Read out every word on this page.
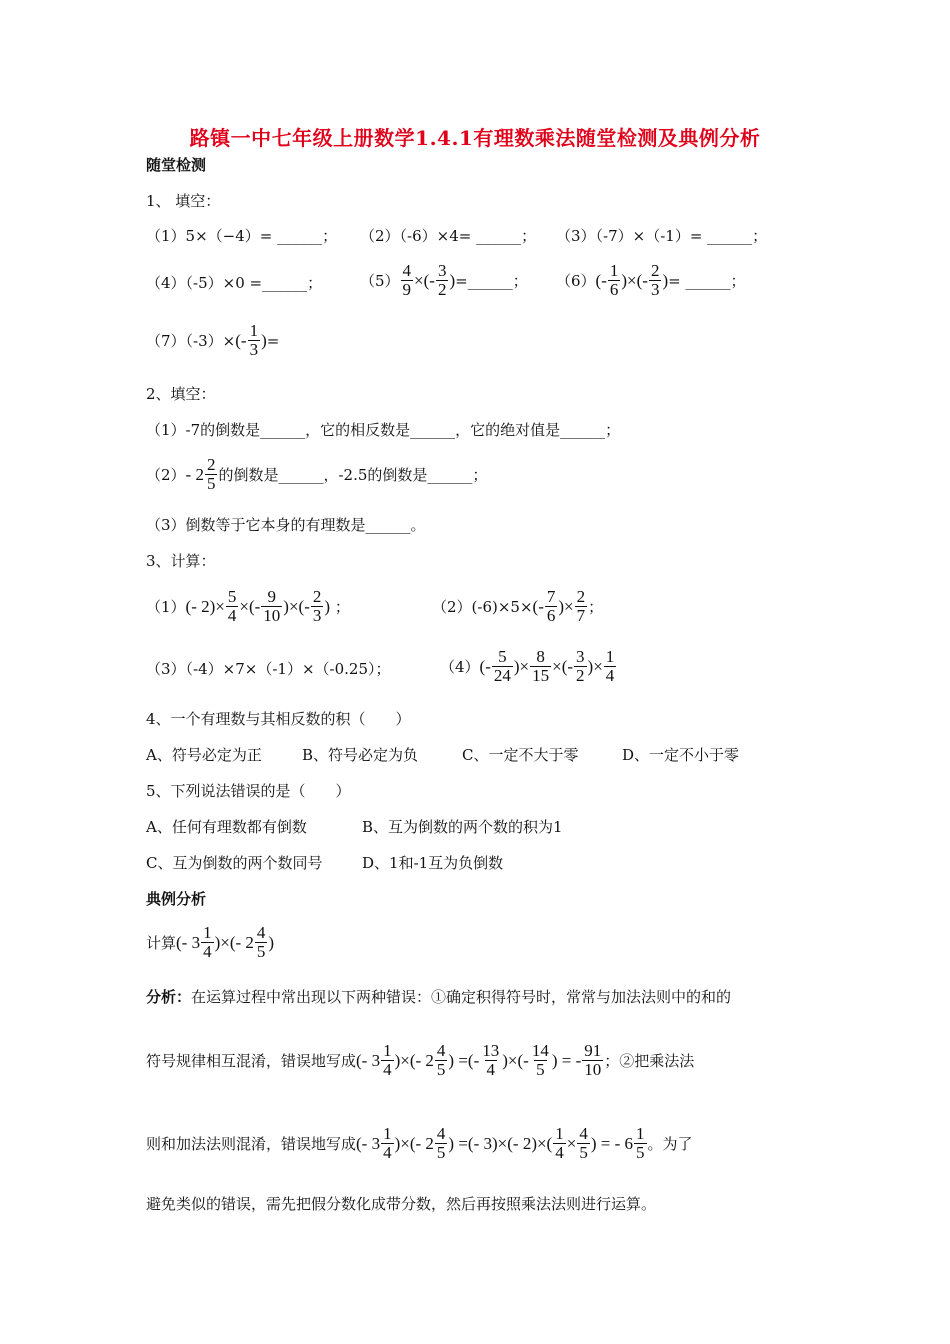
路镇一中七年级上册数学1.4.1有理数乘法随堂检测及典例分析
随堂检测
1、 填空：
（1）5×（−4）= ______； （2）（-6）×4= ______； （3）（-7）×（-1）= ______；
（4）（-5）×0 =______；	$(5) \frac{4}{9}$ ×(- $\frac{3}{2}$ ) =______； （6） (- $\frac{1}{6}$ )×(- $\frac{2}{3}$ ) = ______；
（7）（-3）× (- $\frac{1}{3}$ ) =
2、填空：
（1）-7的倒数是______，它的相反数是______，它的绝对值是______；
$(2) - 2 \frac{2}{5}$ 的倒数是______，-2.5的倒数是______；
（3）倒数等于它本身的有理数是______。
3、计算：
（1） (- $2)\times \frac{5}{4}$ ×(- $\frac{9}{10}$ )×(- $\frac{2}{3}$ ) ；	（2）(-6)×5× (- $\frac{7}{6}$ )× $\frac{2}{7}$ ；
（3）（-4）×7×（-1）×（-0.25）；	（4） (- $\frac{5}{24}$ )× $\frac{8}{15}$ ×(- $\frac{3}{2}$ )× $\frac{1}{4}$
4、一个有理数与其相反数的积（　　）
A、符号必定为正	B、符号必定为负	C、一定不大于零	D、一定不小于零
5、下列说法错误的是（　　）
A、任何有理数都有倒数	B、互为倒数的两个数的积为1
C、互为倒数的两个数同号	D、1和-1互为负倒数
典例分析
计算 (- $3 \frac{1}{4}$ )×(- $2 \frac{4}{5}$ )
分析：在运算过程中常出现以下两种错误：①确定积得符号时，常常与加法法则中的和的
符号规律相互混淆，错误地写成 (- $3 \frac{1}{4}$ )×(- $2 \frac{4}{5}$ ) =(- $\frac{13}{4}$ )×(- $\frac{14}{5}$ ) = - $\frac{91}{10}$ ；②把乘法法
则和加法法则混淆，错误地写成 (- $3 \frac{1}{4}$ )×(- $2 \frac{4}{5}$ ) =(- 3)×(- $2)\times( \frac{1}{4} \times \frac{4}{5}$ ) = - $6 \frac{1}{5}$ 。为了
避免类似的错误，需先把假分数化成带分数，然后再按照乘法法则进行运算。
